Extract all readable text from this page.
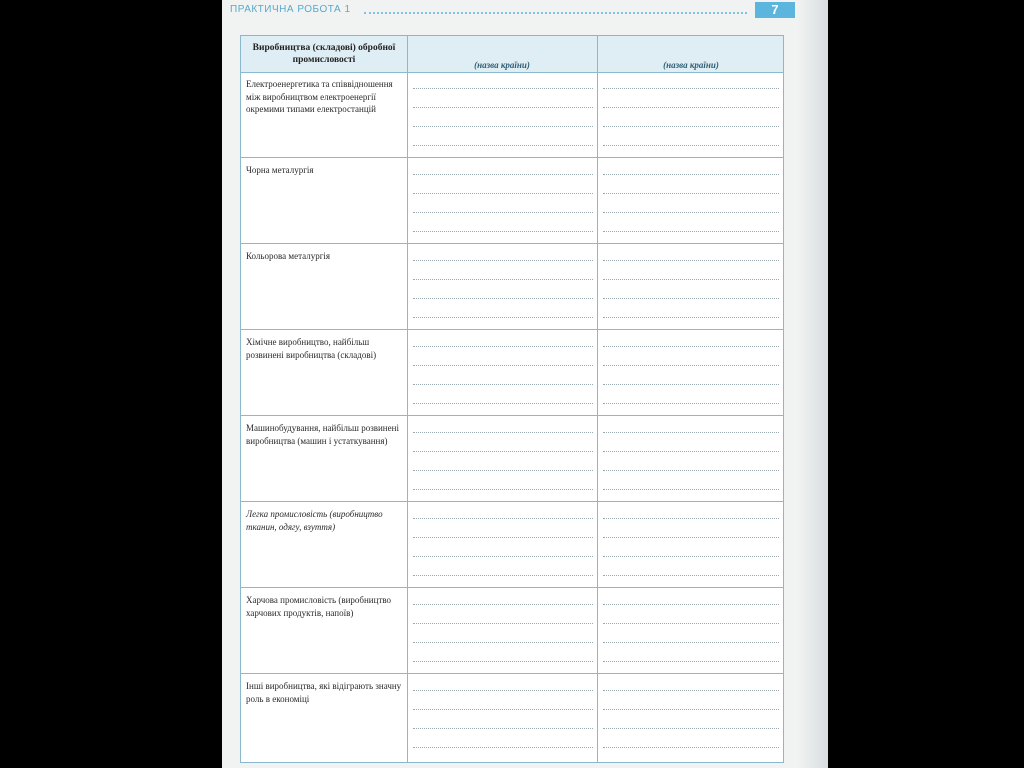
ПРАКТИЧНА РОБОТА 1	7
Виробництва (складові) обробної промисловості	(назва країни)	(назва країни)
Електроенергетика та співвідношення між виробництвом електроенергії окремими типами електростанцій
Чорна металургія
Кольорова металургія
Хімічне виробництво, найбільш розвинені виробництва (складові)
Машинобудування, найбільш розвинені виробництва (машин і устаткування)
Легка промисловість (виробництво тканин, одягу, взуття)
Харчова промисловість (виробництво харчових продуктів, напоїв)
Інші виробництва, які відіграють значну роль в економіці
